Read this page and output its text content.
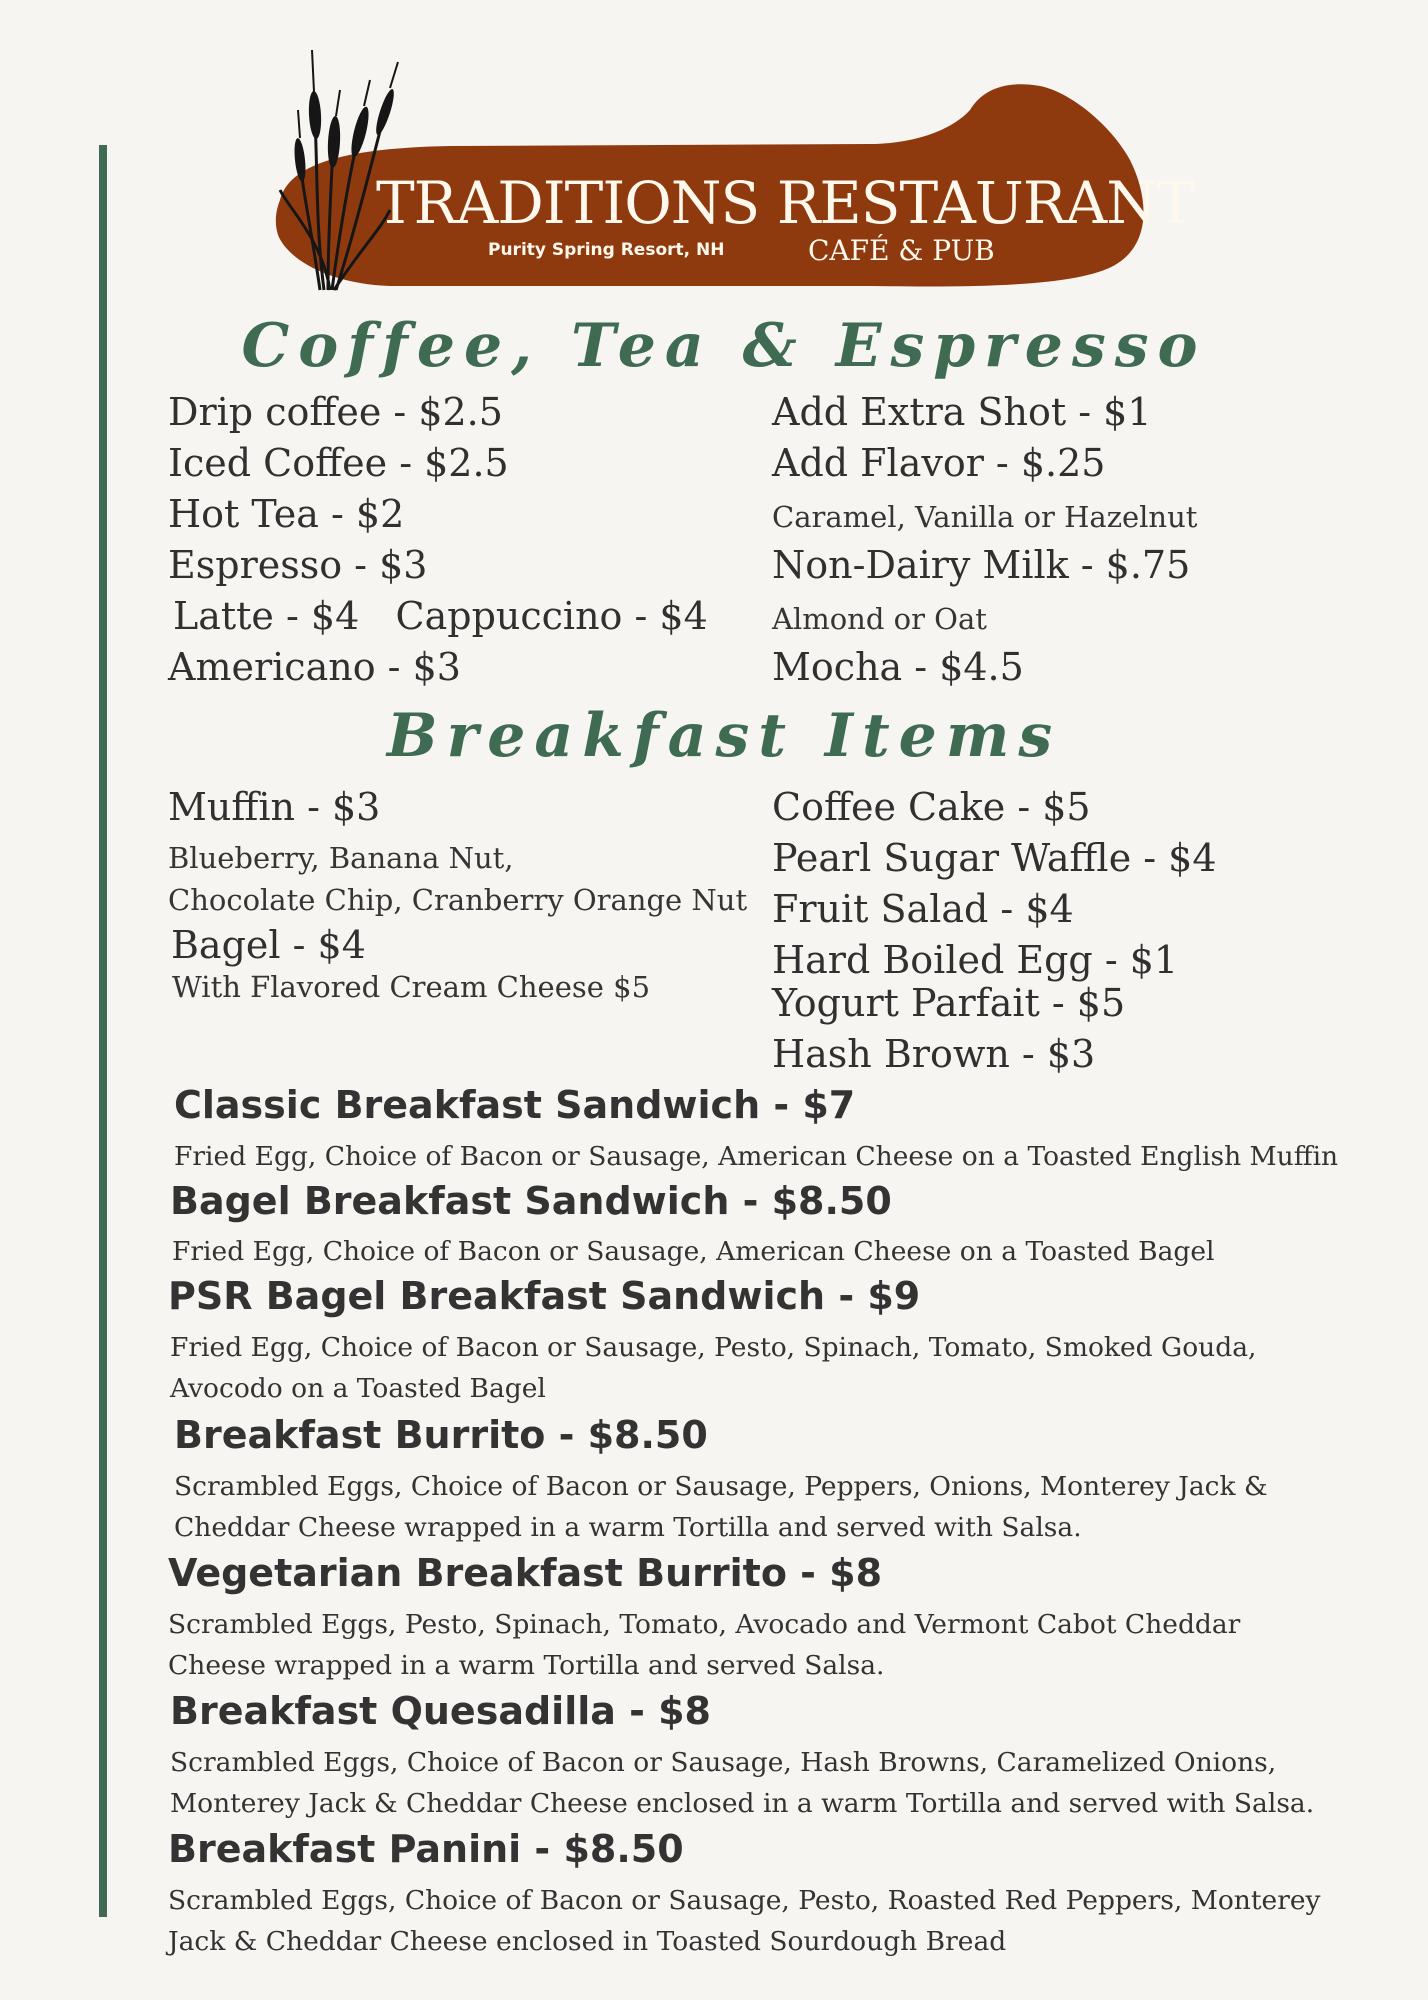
TRADITIONS RESTAURANT
Purity Spring Resort, NH	CAFÉ & PUB
Coffee, Tea & Espresso
Drip coffee - $2.5
Iced Coffee - $2.5
Hot Tea - $2
Espresso - $3
Latte - $4   Cappuccino - $4
Americano - $3
Add Extra Shot - $1
Add Flavor - $.25
Caramel, Vanilla or Hazelnut
Non-Dairy Milk - $.75
Almond or Oat
Mocha - $4.5
Breakfast Items
Muffin - $3
Blueberry, Banana Nut,
Chocolate Chip, Cranberry Orange Nut
Bagel - $4
With Flavored Cream Cheese $5
Coffee Cake - $5
Pearl Sugar Waffle - $4
Fruit Salad - $4
Hard Boiled Egg - $1
Yogurt Parfait - $5
Hash Brown - $3
Classic Breakfast Sandwich - $7
Fried Egg, Choice of Bacon or Sausage, American Cheese on a Toasted English Muffin
Bagel Breakfast Sandwich - $8.50
Fried Egg, Choice of Bacon or Sausage, American Cheese on a Toasted Bagel
PSR Bagel Breakfast Sandwich - $9
Fried Egg, Choice of Bacon or Sausage, Pesto, Spinach, Tomato, Smoked Gouda,
Avocodo on a Toasted Bagel
Breakfast Burrito - $8.50
Scrambled Eggs, Choice of Bacon or Sausage, Peppers, Onions, Monterey Jack &
Cheddar Cheese wrapped in a warm Tortilla and served with Salsa.
Vegetarian Breakfast Burrito - $8
Scrambled Eggs, Pesto, Spinach, Tomato, Avocado and Vermont Cabot Cheddar
Cheese wrapped in a warm Tortilla and served Salsa.
Breakfast Quesadilla - $8
Scrambled Eggs, Choice of Bacon or Sausage, Hash Browns, Caramelized Onions,
Monterey Jack & Cheddar Cheese enclosed in a warm Tortilla and served with Salsa.
Breakfast Panini - $8.50
Scrambled Eggs, Choice of Bacon or Sausage, Pesto, Roasted Red Peppers, Monterey
Jack & Cheddar Cheese enclosed in Toasted Sourdough Bread
